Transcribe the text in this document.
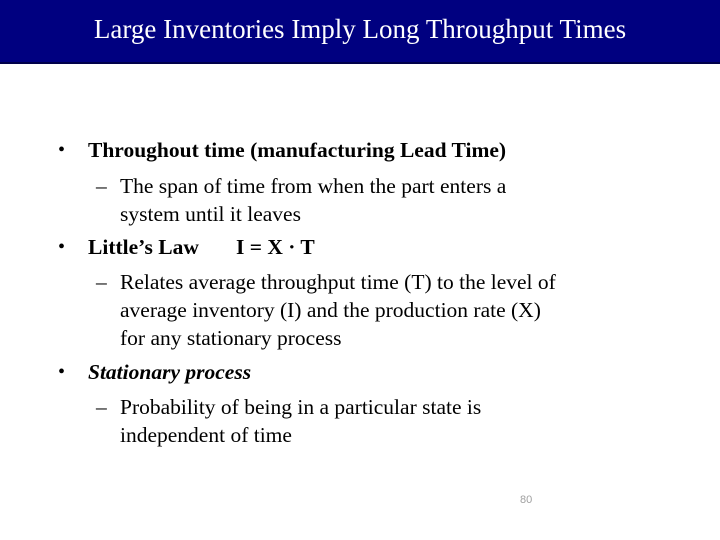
Large Inventories Imply Long Throughput Times
• Throughout time (manufacturing Lead Time)
– The span of time from when the part enters a
system until it leaves
• Little’s Law I = X · T
– Relates average throughput time (T) to the level of
average inventory (I) and the production rate (X)
for any stationary process
• Stationary process
– Probability of being in a particular state is
independent of time
80
